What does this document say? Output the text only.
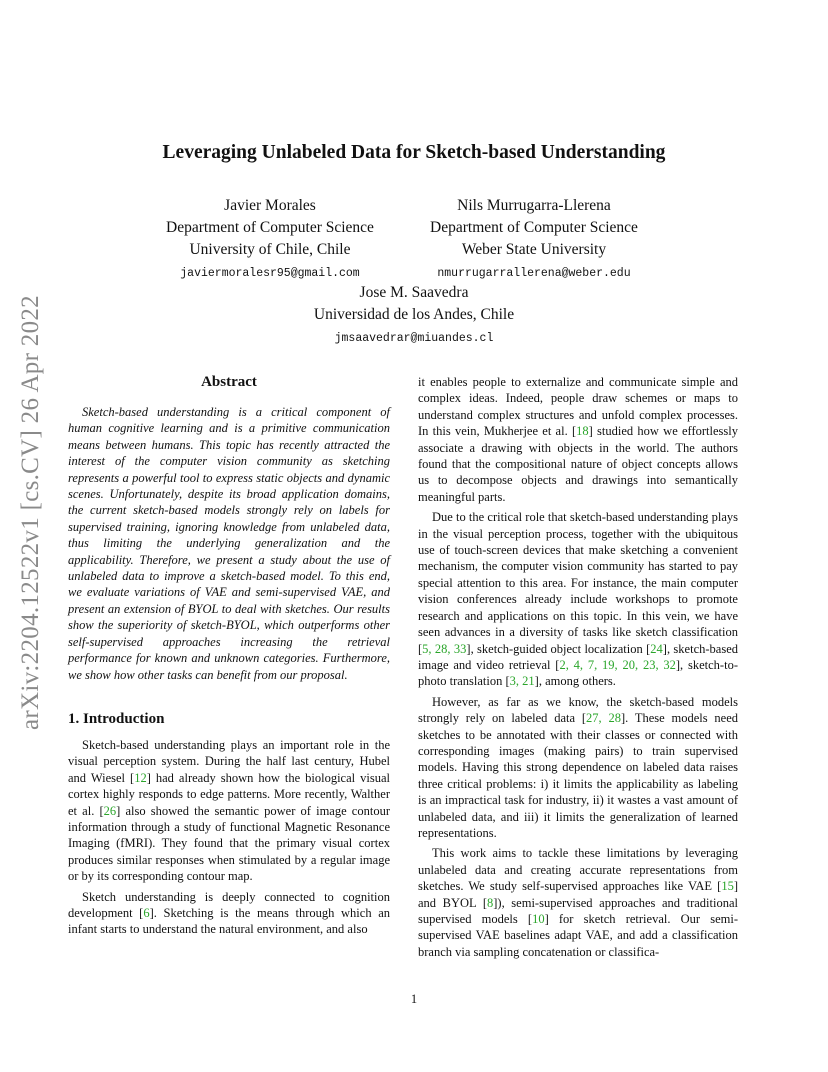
arXiv:2204.12522v1 [cs.CV] 26 Apr 2022
Leveraging Unlabeled Data for Sketch-based Understanding
Javier Morales
Department of Computer Science
University of Chile, Chile
javiermoralesr95@gmail.com
Nils Murrugarra-Llerena
Department of Computer Science
Weber State University
nmurrugarrallerena@weber.edu
Jose M. Saavedra
Universidad de los Andes, Chile
jmsaavedrar@miuandes.cl
Abstract

Sketch-based understanding is a critical component of human cognitive learning and is a primitive communication means between humans. This topic has recently attracted the interest of the computer vision community as sketching represents a powerful tool to express static objects and dynamic scenes. Unfortunately, despite its broad application domains, the current sketch-based models strongly rely on labels for supervised training, ignoring knowledge from unlabeled data, thus limiting the underlying generalization and the applicability. Therefore, we present a study about the use of unlabeled data to improve a sketch-based model. To this end, we evaluate variations of VAE and semi-supervised VAE, and present an extension of BYOL to deal with sketches. Our results show the superiority of sketch-BYOL, which outperforms other self-supervised approaches increasing the retrieval performance for known and unknown categories. Furthermore, we show how other tasks can benefit from our proposal.

1. Introduction

Sketch-based understanding plays an important role in the visual perception system. During the half last century, Hubel and Wiesel [12] had already shown how the biological visual cortex highly responds to edge patterns. More recently, Walther et al. [26] also showed the semantic power of image contour information through a study of functional Magnetic Resonance Imaging (fMRI). They found that the primary visual cortex produces similar responses when stimulated by a regular image or by its corresponding contour map.

Sketch understanding is deeply connected to cognition development [6]. Sketching is the means through which an infant starts to understand the natural environment, and also

it enables people to externalize and communicate simple and complex ideas. Indeed, people draw schemes or maps to understand complex structures and unfold complex processes. In this vein, Mukherjee et al. [18] studied how we effortlessly associate a drawing with objects in the world. The authors found that the compositional nature of object concepts allows us to decompose objects and drawings into semantically meaningful parts.

Due to the critical role that sketch-based understanding plays in the visual perception process, together with the ubiquitous use of touch-screen devices that make sketching a convenient mechanism, the computer vision community has started to pay special attention to this area. For instance, the main computer vision conferences already include workshops to promote research and applications on this topic. In this vein, we have seen advances in a diversity of tasks like sketch classification [5, 28, 33], sketch-guided object localization [24], sketch-based image and video retrieval [2, 4, 7, 19, 20, 23, 32], sketch-to-photo translation [3, 21], among others.

However, as far as we know, the sketch-based models strongly rely on labeled data [27, 28]. These models need sketches to be annotated with their classes or connected with corresponding images (making pairs) to train supervised models. Having this strong dependence on labeled data raises three critical problems: i) it limits the applicability as labeling is an impractical task for industry, ii) it wastes a vast amount of unlabeled data, and iii) it limits the generalization of learned representations.

This work aims to tackle these limitations by leveraging unlabeled data and creating accurate representations from sketches. We study self-supervised approaches like VAE [15] and BYOL [8]), semi-supervised approaches and traditional supervised models [10] for sketch retrieval. Our semi-supervised VAE baselines adapt VAE, and add a classification branch via sampling concatenation or classifica-

1
